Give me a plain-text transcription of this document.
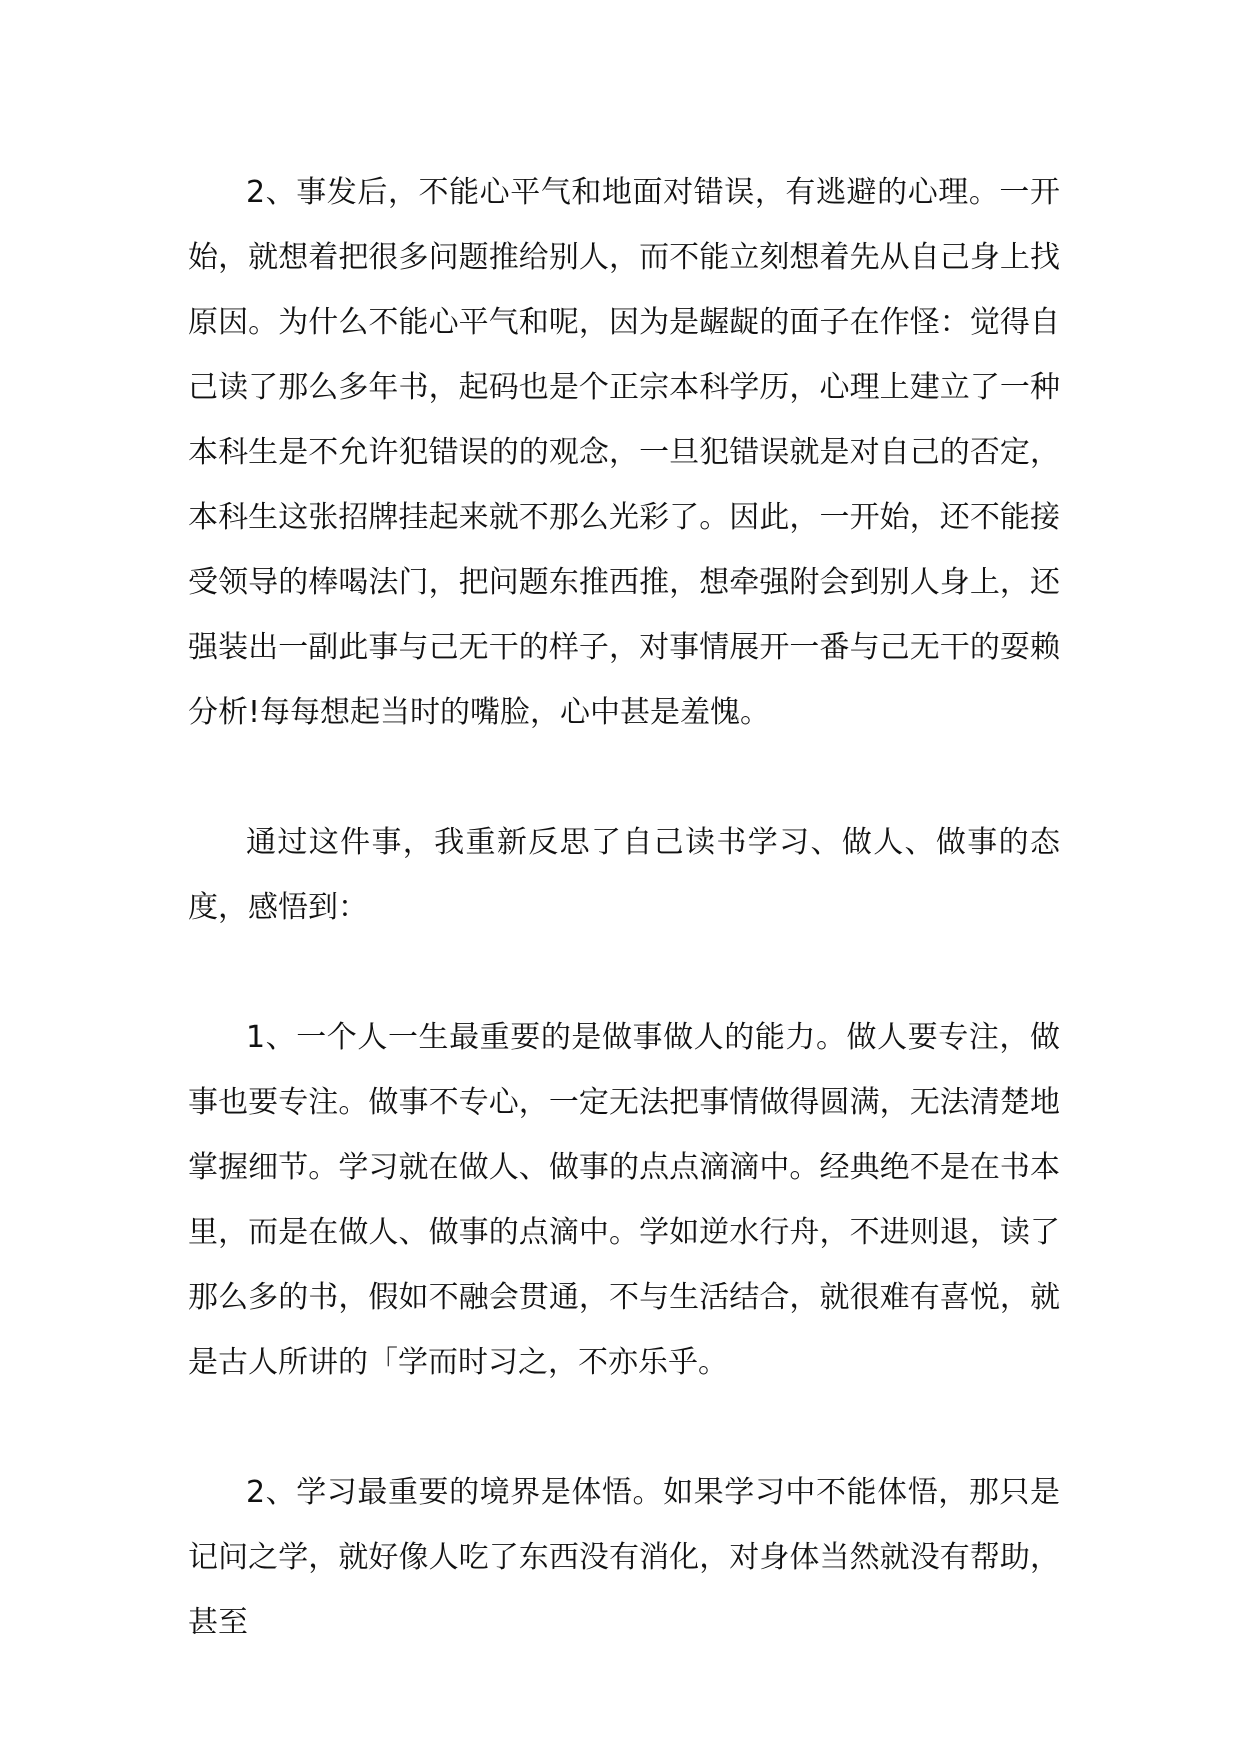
2、事发后，不能心平气和地面对错误，有逃避的心理。一开始，就想着把很多问题推给别人，而不能立刻想着先从自己身上找原因。为什么不能心平气和呢，因为是龌龊的面子在作怪：觉得自己读了那么多年书，起码也是个正宗本科学历，心理上建立了一种本科生是不允许犯错误的的观念，一旦犯错误就是对自己的否定，本科生这张招牌挂起来就不那么光彩了。因此，一开始，还不能接受领导的棒喝法门，把问题东推西推，想牵强附会到别人身上，还强装出一副此事与己无干的样子，对事情展开一番与己无干的耍赖分析!每每想起当时的嘴脸，心中甚是羞愧。

通过这件事，我重新反思了自己读书学习、做人、做事的态度，感悟到：

1、一个人一生最重要的是做事做人的能力。做人要专注，做事也要专注。做事不专心，一定无法把事情做得圆满，无法清楚地掌握细节。学习就在做人、做事的点点滴滴中。经典绝不是在书本里，而是在做人、做事的点滴中。学如逆水行舟，不进则退，读了那么多的书，假如不融会贯通，不与生活结合，就很难有喜悦，就是古人所讲的「学而时习之，不亦乐乎。

2、学习最重要的境界是体悟。如果学习中不能体悟，那只是记问之学，就好像人吃了东西没有消化，对身体当然就没有帮助，甚至
